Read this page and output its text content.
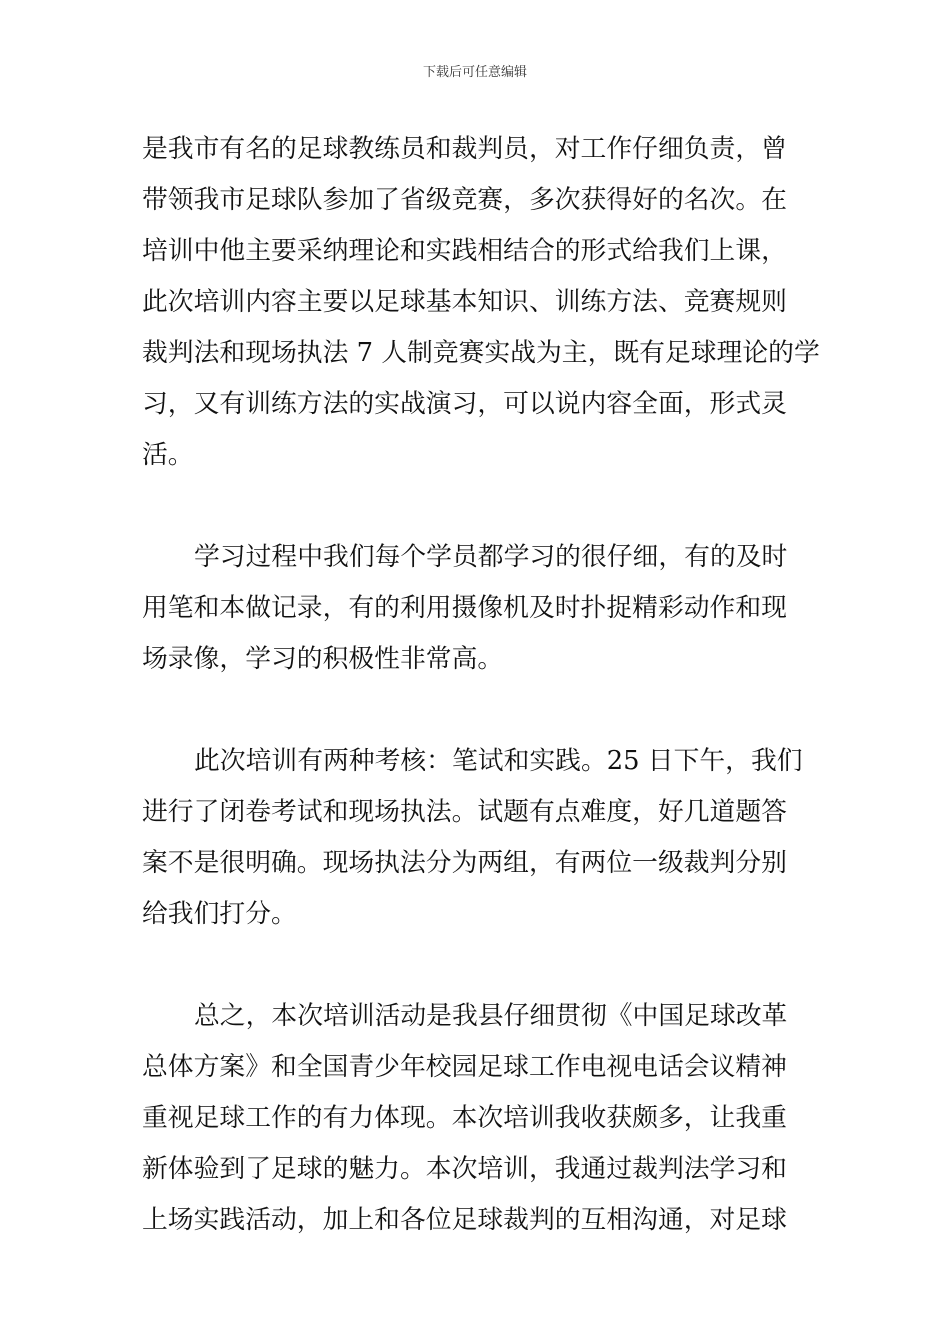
下载后可任意编辑

是我市有名的足球教练员和裁判员，对工作仔细负责，曾
带领我市足球队参加了省级竞赛，多次获得好的名次。在
培训中他主要采纳理论和实践相结合的形式给我们上课，
此次培训内容主要以足球基本知识、训练方法、竞赛规则
裁判法和现场执法 7 人制竞赛实战为主，既有足球理论的学
习，又有训练方法的实战演习，可以说内容全面，形式灵
活。

学习过程中我们每个学员都学习的很仔细，有的及时
用笔和本做记录，有的利用摄像机及时扑捉精彩动作和现
场录像，学习的积极性非常高。

此次培训有两种考核：笔试和实践。25 日下午，我们
进行了闭卷考试和现场执法。试题有点难度，好几道题答
案不是很明确。现场执法分为两组，有两位一级裁判分别
给我们打分。

总之，本次培训活动是我县仔细贯彻《中国足球改革
总体方案》和全国青少年校园足球工作电视电话会议精神
重视足球工作的有力体现。本次培训我收获颇多，让我重
新体验到了足球的魅力。本次培训，我通过裁判法学习和
上场实践活动，加上和各位足球裁判的互相沟通，对足球
